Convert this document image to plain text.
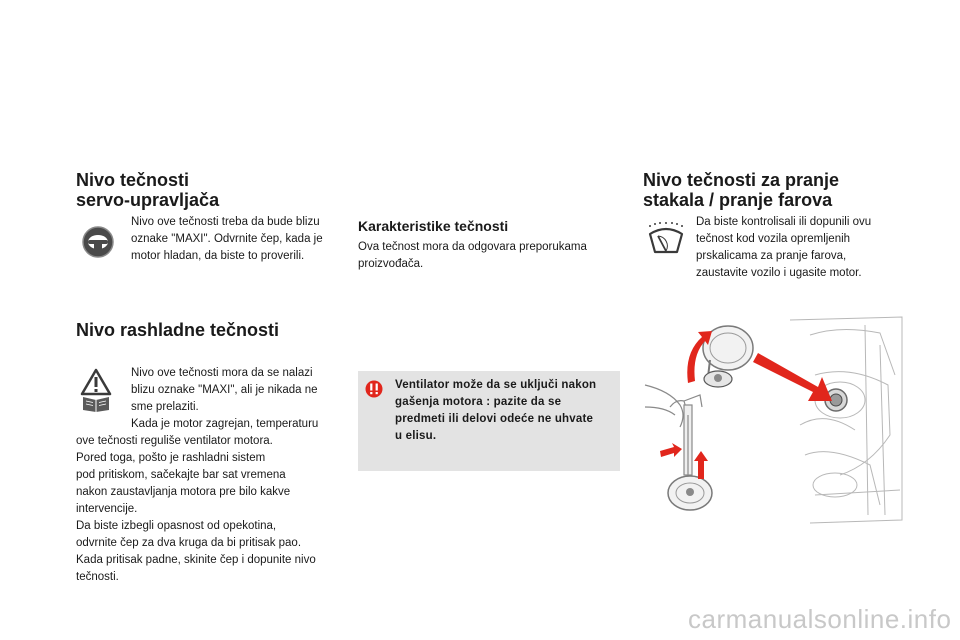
Nivo tečnosti
servo-upravljača

Nivo ove tečnosti treba da bude blizu

oznake "MAXI". Odvrnite čep, kada je

motor hladan, da biste to proverili.

Nivo rashladne tečnosti

Nivo ove tečnosti mora da se nalazi

blizu oznake "MAXI", ali je nikada ne

sme prelaziti.

Kada je motor zagrejan, temperaturu

ove tečnosti reguliše ventilator motora.

Pored toga, pošto je rashladni sistem

pod pritiskom, sačekajte bar sat vremena

nakon zaustavljanja motora pre bilo kakve

intervencije.

Da biste izbegli opasnost od opekotina,

odvrnite čep za dva kruga da bi pritisak pao.

Kada pritisak padne, skinite čep i dopunite nivo

tečnosti.

Karakteristike tečnosti

Ova tečnost mora da odgovara preporukama

proizvođača.

Ventilator može da se uključi nakon

gašenja motora : pazite da se

predmeti ili delovi odeće ne uhvate

u elisu.

Nivo tečnosti za pranje
stakala / pranje farova

Da biste kontrolisali ili dopunili ovu

tečnost kod vozila opremljenih

prskalicama za pranje farova,

zaustavite vozilo i ugasite motor.

carmanualsonline.info
